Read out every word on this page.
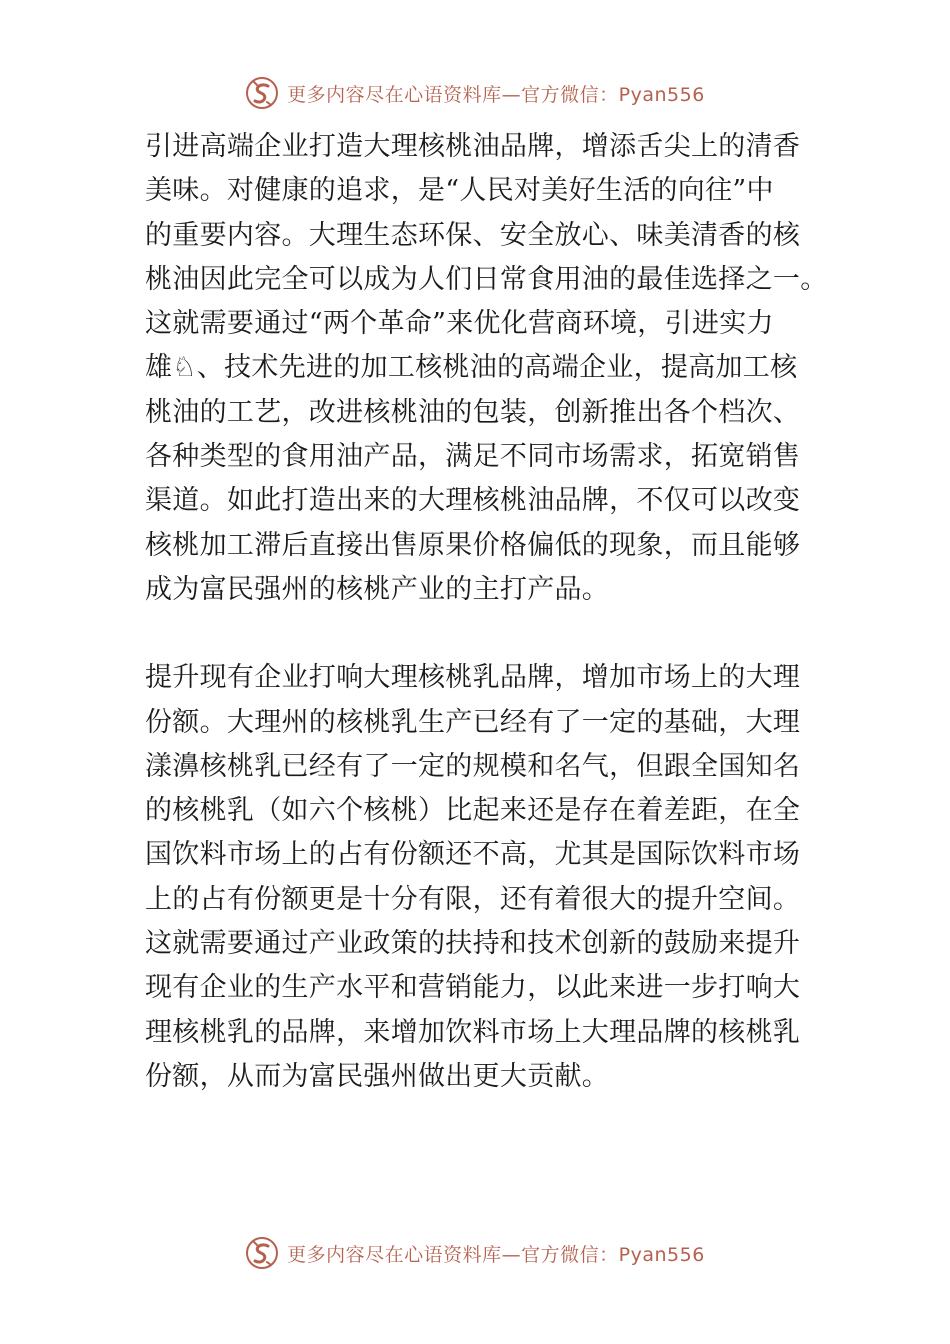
更多内容尽在心语资料库—官方微信：Pyan556

引进高端企业打造大理核桃油品牌，增添舌尖上的清香
美味。对健康的追求，是“人民对美好生活的向往”中
的重要内容。大理生态环保、安全放心、味美清香的核
桃油因此完全可以成为人们日常食用油的最佳选择之一。
这就需要通过“两个革命”来优化营商环境，引进实力
雄♘、技术先进的加工核桃油的高端企业，提高加工核
桃油的工艺，改进核桃油的包装，创新推出各个档次、
各种类型的食用油产品，满足不同市场需求，拓宽销售
渠道。如此打造出来的大理核桃油品牌，不仅可以改变
核桃加工滞后直接出售原果价格偏低的现象，而且能够
成为富民强州的核桃产业的主打产品。

提升现有企业打响大理核桃乳品牌，增加市场上的大理
份额。大理州的核桃乳生产已经有了一定的基础，大理
漾濞核桃乳已经有了一定的规模和名气，但跟全国知名
的核桃乳（如六个核桃）比起来还是存在着差距，在全
国饮料市场上的占有份额还不高，尤其是国际饮料市场
上的占有份额更是十分有限，还有着很大的提升空间。
这就需要通过产业政策的扶持和技术创新的鼓励来提升
现有企业的生产水平和营销能力，以此来进一步打响大
理核桃乳的品牌，来增加饮料市场上大理品牌的核桃乳
份额，从而为富民强州做出更大贡献。

更多内容尽在心语资料库—官方微信：Pyan556
